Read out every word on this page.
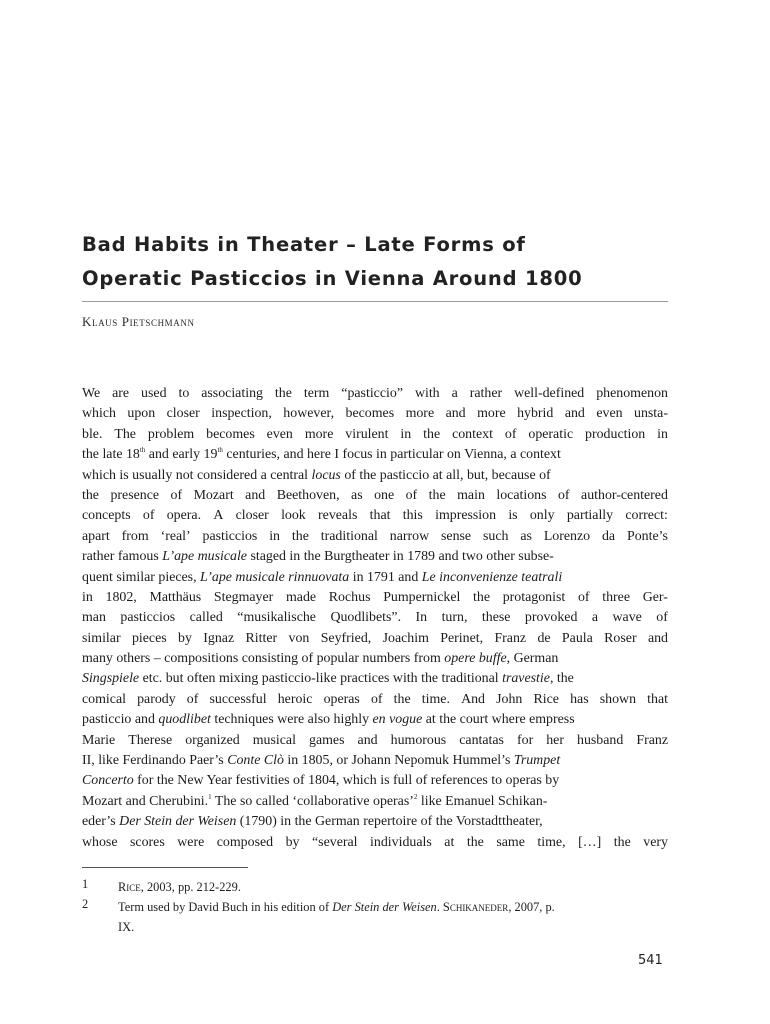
Bad Habits in Theater – Late Forms of
Operatic Pasticcios in Vienna Around 1800
Klaus Pietschmann
We are used to associating the term “pasticcio” with a rather well-defined phenomenon
which upon closer inspection, however, becomes more and more hybrid and even unsta-
ble. The problem becomes even more virulent in the context of operatic production in
the late 18th and early 19th centuries, and here I focus in particular on Vienna, a context
which is usually not considered a central locus of the pasticcio at all, but, because of
the presence of Mozart and Beethoven, as one of the main locations of author-centered
concepts of opera. A closer look reveals that this impression is only partially correct:
apart from ‘real’ pasticcios in the traditional narrow sense such as Lorenzo da Ponte’s
rather famous L’ape musicale staged in the Burgtheater in 1789 and two other subse-
quent similar pieces, L’ape musicale rinnuovata in 1791 and Le inconvenienze teatrali
in 1802, Matthäus Stegmayer made Rochus Pumpernickel the protagonist of three Ger-
man pasticcios called “musikalische Quodlibets”. In turn, these provoked a wave of
similar pieces by Ignaz Ritter von Seyfried, Joachim Perinet, Franz de Paula Roser and
many others – compositions consisting of popular numbers from opere buffe, German
Singspiele etc. but often mixing pasticcio-like practices with the traditional travestie, the
comical parody of successful heroic operas of the time. And John Rice has shown that
pasticcio and quodlibet techniques were also highly en vogue at the court where empress
Marie Therese organized musical games and humorous cantatas for her husband Franz
II, like Ferdinando Paer’s Conte Clò in 1805, or Johann Nepomuk Hummel’s Trumpet
Concerto for the New Year festivities of 1804, which is full of references to operas by
Mozart and Cherubini.$^1$ The so called ‘collaborative operas’$^2$ like Emanuel Schikan-
eder’s Der Stein der Weisen (1790) in the German repertoire of the Vorstadttheater,
whose scores were composed by “several individuals at the same time, […] the very
1 Rice, 2003, pp. 212-229.
2 Term used by David Buch in his edition of Der Stein der Weisen. Schikaneder, 2007, p.
IX.
541
